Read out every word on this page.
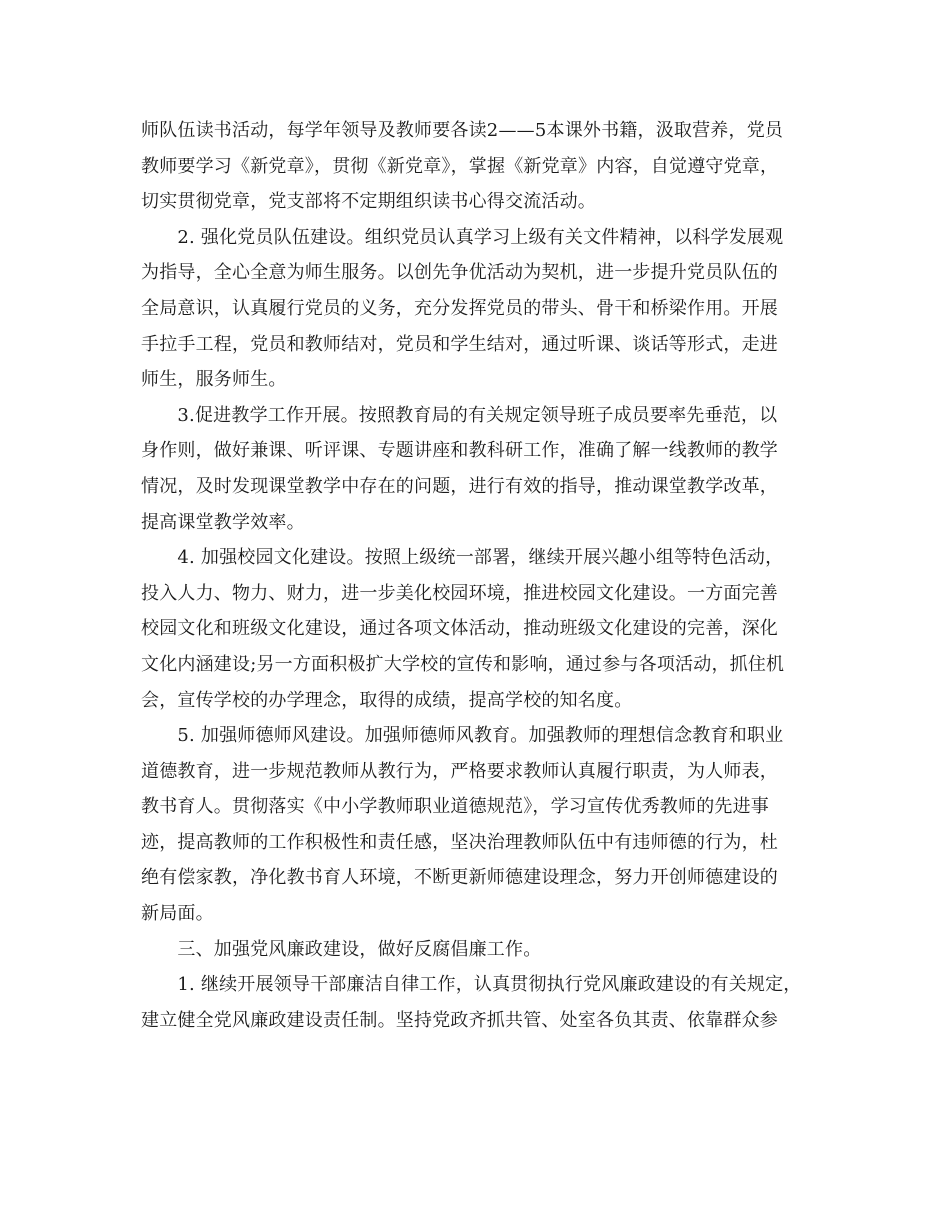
师队伍读书活动，每学年领导及教师要各读2——5本课外书籍，汲取营养，党员
教师要学习《新党章》，贯彻《新党章》，掌握《新党章》内容，自觉遵守党章，
切实贯彻党章，党支部将不定期组织读书心得交流活动。
　　2. 强化党员队伍建设。组织党员认真学习上级有关文件精神，以科学发展观
为指导，全心全意为师生服务。以创先争优活动为契机，进一步提升党员队伍的
全局意识，认真履行党员的义务，充分发挥党员的带头、骨干和桥梁作用。开展
手拉手工程，党员和教师结对，党员和学生结对，通过听课、谈话等形式，走进
师生，服务师生。
　　3.促进教学工作开展。按照教育局的有关规定领导班子成员要率先垂范，以
身作则，做好兼课、听评课、专题讲座和教科研工作，准确了解一线教师的教学
情况，及时发现课堂教学中存在的问题，进行有效的指导，推动课堂教学改革，
提高课堂教学效率。
　　4. 加强校园文化建设。按照上级统一部署，继续开展兴趣小组等特色活动，
投入人力、物力、财力，进一步美化校园环境，推进校园文化建设。一方面完善
校园文化和班级文化建设，通过各项文体活动，推动班级文化建设的完善，深化
文化内涵建设;另一方面积极扩大学校的宣传和影响，通过参与各项活动，抓住机
会，宣传学校的办学理念，取得的成绩，提高学校的知名度。
　　5. 加强师德师风建设。加强师德师风教育。加强教师的理想信念教育和职业
道德教育，进一步规范教师从教行为，严格要求教师认真履行职责，为人师表，
教书育人。贯彻落实《中小学教师职业道德规范》，学习宣传优秀教师的先进事
迹，提高教师的工作积极性和责任感，坚决治理教师队伍中有违师德的行为，杜
绝有偿家教，净化教书育人环境，不断更新师德建设理念，努力开创师德建设的
新局面。
　　三、加强党风廉政建设，做好反腐倡廉工作。
　　1. 继续开展领导干部廉洁自律工作，认真贯彻执行党风廉政建设的有关规定，
建立健全党风廉政建设责任制。坚持党政齐抓共管、处室各负其责、依靠群众参
